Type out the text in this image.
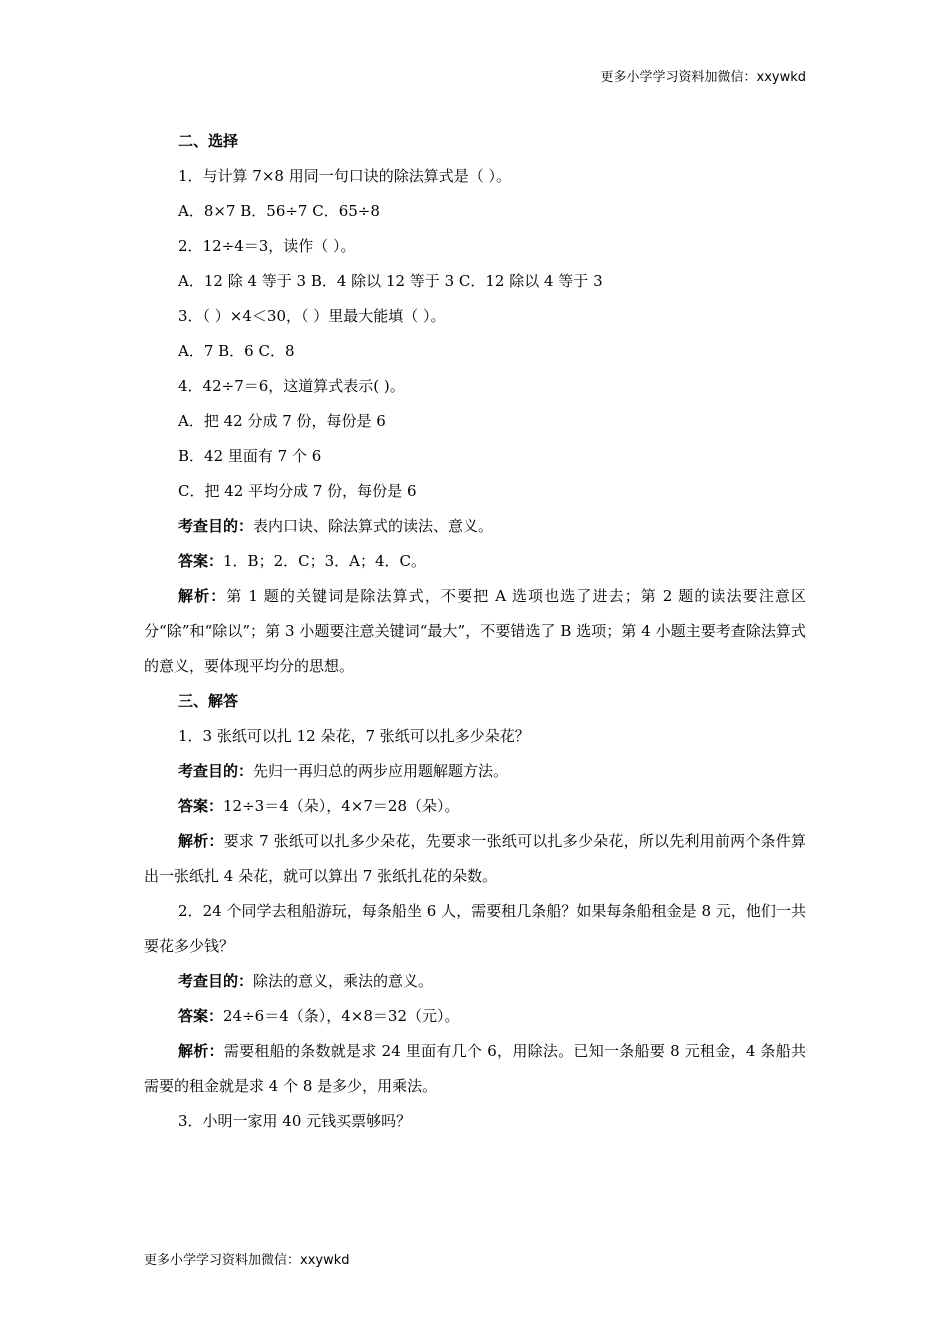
更多小学学习资料加微信：xxywkd

二、选择

1．与计算 7×8 用同一句口诀的除法算式是（ ）。

A．8×7 B．56÷7 C．65÷8

2．12÷4＝3，读作（ ）。

A．12 除 4 等于 3 B．4 除以 12 等于 3 C．12 除以 4 等于 3

3．（ ）×4＜30，（ ）里最大能填（ ）。

A．7 B．6 C．8

4．42÷7＝6，这道算式表示( )。

A．把 42 分成 7 份，每份是 6

B．42 里面有 7 个 6

C．把 42 平均分成 7 份，每份是 6

考查目的：表内口诀、除法算式的读法、意义。

答案：1．B；2．C；3．A；4．C。

解析：第 1 题的关键词是除法算式，不要把 A 选项也选了进去；第 2 题的读法要注意区分“除”和“除以”；第 3 小题要注意关键词“最大”，不要错选了 B 选项；第 4 小题主要考查除法算式的意义，要体现平均分的思想。

三、解答

1．3 张纸可以扎 12 朵花，7 张纸可以扎多少朵花？

考查目的：先归一再归总的两步应用题解题方法。

答案：12÷3＝4（朵），4×7＝28（朵）。

解析：要求 7 张纸可以扎多少朵花，先要求一张纸可以扎多少朵花，所以先利用前两个条件算出一张纸扎 4 朵花，就可以算出 7 张纸扎花的朵数。

2．24 个同学去租船游玩，每条船坐 6 人，需要租几条船？如果每条船租金是 8 元，他们一共要花多少钱？

考查目的：除法的意义，乘法的意义。

答案：24÷6＝4（条），4×8＝32（元）。

解析：需要租船的条数就是求 24 里面有几个 6，用除法。已知一条船要 8 元租金，4 条船共需要的租金就是求 4 个 8 是多少，用乘法。

3．小明一家用 40 元钱买票够吗？

更多小学学习资料加微信：xxywkd
